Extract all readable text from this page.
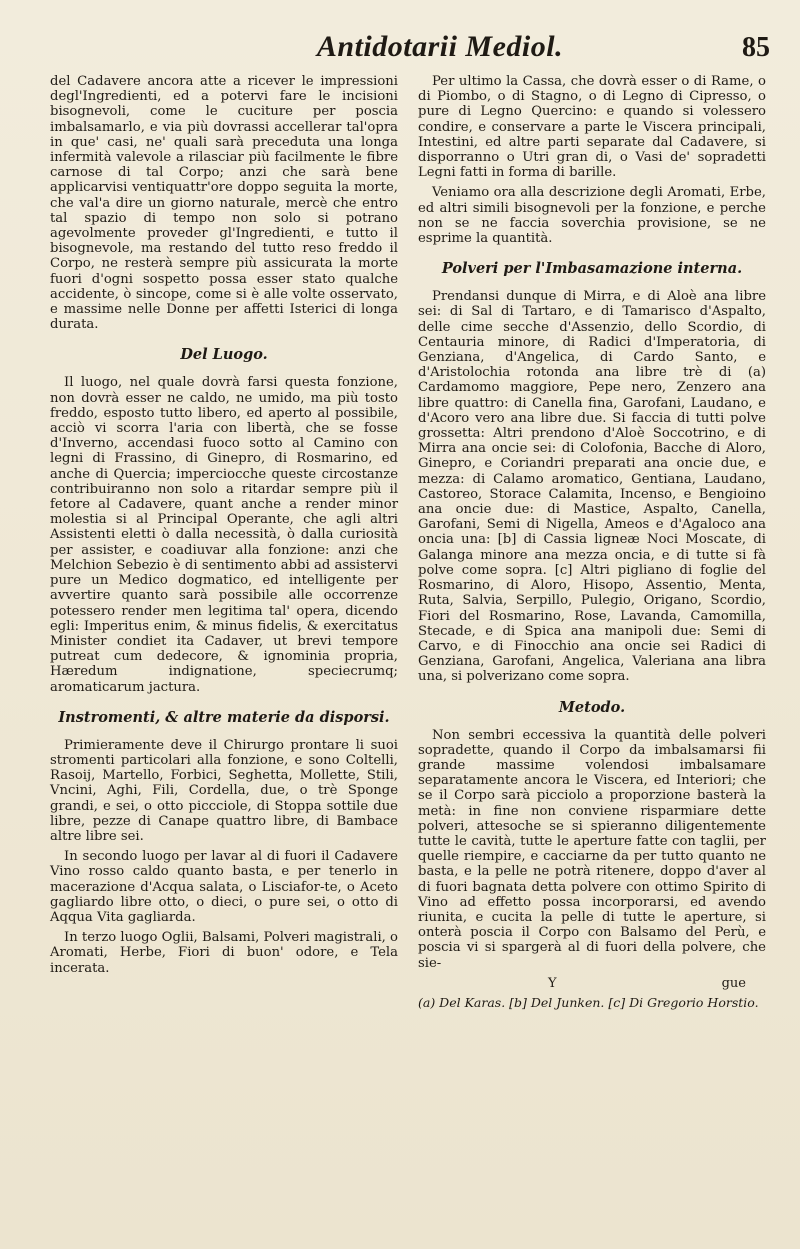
Antidotarii Mediol.	85

del Cadavere ancora atte a ricever le impressioni degl'Ingredienti, ed a potervi fare le incisioni bisognevoli, come le cuciture per poscia imbalsamarlo, e via più dovrassi accellerar tal'opra in que' casi, ne' quali sarà preceduta una longa infermità valevole a rilasciar più facilmente le fibre carnose di tal Corpo; anzi che sarà bene applicarvisi ventiquattr'ore doppo seguita la morte, che val'a dire un giorno naturale, mercè che entro tal spazio di tempo non solo si potrano agevolmente proveder gl'Ingredienti, e tutto il bisognevole, ma restando del tutto reso freddo il Corpo, ne resterà sempre più assicurata la morte fuori d'ogni sospetto possa esser stato qualche accidente, ò sincope, come si è alle volte osservato, e massime nelle Donne per affetti Isterici di longa durata.

Del Luogo.

Il luogo, nel quale dovrà farsi questa fonzione, non dovrà esser ne caldo, ne umido, ma più tosto freddo, esposto tutto libero, ed aperto al possibile, acciò vi scorra l'aria con libertà, che se fosse d'Inverno, accendasi fuoco sotto al Camino con legni di Frassino, di Ginepro, di Rosmarino, ed anche di Quercia; imperciocche queste circostanze contribuiranno non solo a ritardar sempre più il fetore al Cadavere, quant anche a render minor molestia si al Principal Operante, che agli altri Assistenti eletti ò dalla necessità, ò dalla curiosità per assister, e coadiuvar alla fonzione: anzi che Melchion Sebezio è di sentimento abbi ad assistervi pure un Medico dogmatico, ed intelligente per avvertire quanto sarà possibile alle occorrenze potessero render men legitima tal' opera, dicendo egli: Imperitus enim, & minus fidelis, & exercitatus Minister condiet ita Cadaver, ut brevi tempore putreat cum dedecore, & ignominia propria, Hæredum indignatione, speciecrumq; aromaticarum jactura.

Instromenti, & altre materie da disporsi.

Primieramente deve il Chirurgo prontare li suoi stromenti particolari alla fonzione, e sono Coltelli, Rasoij, Martello, Forbici, Seghetta, Mollette, Stili, Vncini, Aghi, Fili, Cordella, due, o trè Sponge grandi, e sei, o otto piccciole, di Stoppa sottile due libre, pezze di Canape quattro libre, di Bambace altre libre sei.

In secondo luogo per lavar al di fuori il Cadavere Vino rosso caldo quanto basta, e per tenerlo in macerazione d'Acqua salata, o Lisciafor-te, o Aceto gagliardo libre otto, o dieci, o pure sei, o otto di Aqqua Vita gagliarda.

In terzo luogo Oglii, Balsami, Polveri magistrali, o Aromati, Herbe, Fiori di buon' odore, e Tela incerata.

Per ultimo la Cassa, che dovrà esser o di Rame, o di Piombo, o di Stagno, o di Legno di Cipresso, o pure di Legno Quercino: e quando si volessero condire, e conservare a parte le Viscera principali, Intestini, ed altre parti separate dal Cadavere, si disporranno o Utri gran di, o Vasi de' sopradetti Legni fatti in forma di barille.

Veniamo ora alla descrizione degli Aromati, Erbe, ed altri simili bisognevoli per la fonzione, e perche non se ne faccia soverchia provisione, se ne esprime la quantità.

Polveri per l'Imbasamazione interna.

Prendansi dunque di Mirra, e di Aloè ana libre sei: di Sal di Tartaro, e di Tamarisco d'Aspalto, delle cime secche d'Assenzio, dello Scordio, di Centauria minore, di Radici d'Imperatoria, di Genziana, d'Angelica, di Cardo Santo, e d'Aristolochia rotonda ana libre trè di (a) Cardamomo maggiore, Pepe nero, Zenzero ana libre quattro: di Canella fina, Garofani, Laudano, e d'Acoro vero ana libre due. Si faccia di tutti polve grossetta: Altri prendono d'Aloè Soccotrino, e di Mirra ana oncie sei: di Colofonia, Bacche di Aloro, Ginepro, e Coriandri preparati ana oncie due, e mezza: di Calamo aromatico, Gentiana, Laudano, Castoreo, Storace Calamita, Incenso, e Bengioino ana oncie due: di Mastice, Aspalto, Canella, Garofani, Semi di Nigella, Ameos e d'Agaloco ana oncia una: [b] di Cassia ligneæ Noci Moscate, di Galanga minore ana mezza oncia, e di tutte si fà polve come sopra. [c] Altri pigliano di foglie del Rosmarino, di Aloro, Hisopo, Assentio, Menta, Ruta, Salvia, Serpillo, Pulegio, Origano, Scordio, Fiori del Rosmarino, Rose, Lavanda, Camomilla, Stecade, e di Spica ana manipoli due: Semi di Carvo, e di Finocchio ana oncie sei Radici di Genziana, Garofani, Angelica, Valeriana ana libra una, si polverizano come sopra.

Metodo.

Non sembri eccessiva la quantità delle polveri sopradette, quando il Corpo da imbalsamarsi fii grande massime volendosi imbalsamare separatamente ancora le Viscera, ed Interiori; che se il Corpo sarà picciolo a proporzione basterà la metà: in fine non conviene risparmiare dette polveri, attesoche se si spieranno diligentemente tutte le cavità, tutte le aperture fatte con taglii, per quelle riempire, e cacciarne da per tutto quanto ne basta, e la pelle ne potrà ritenere, doppo d'aver al di fuori bagnata detta polvere con ottimo Spirito di Vino ad effetto possa incorporarsi, ed avendo riunita, e cucita la pelle di tutte le aperture, si onterà poscia il Corpo con Balsamo del Perù, e poscia vi si spargerà al di fuori della polvere, che sie-

Y	gue

(a) Del Karas. [b] Del Junken. [c] Di Gregorio Horstio.
